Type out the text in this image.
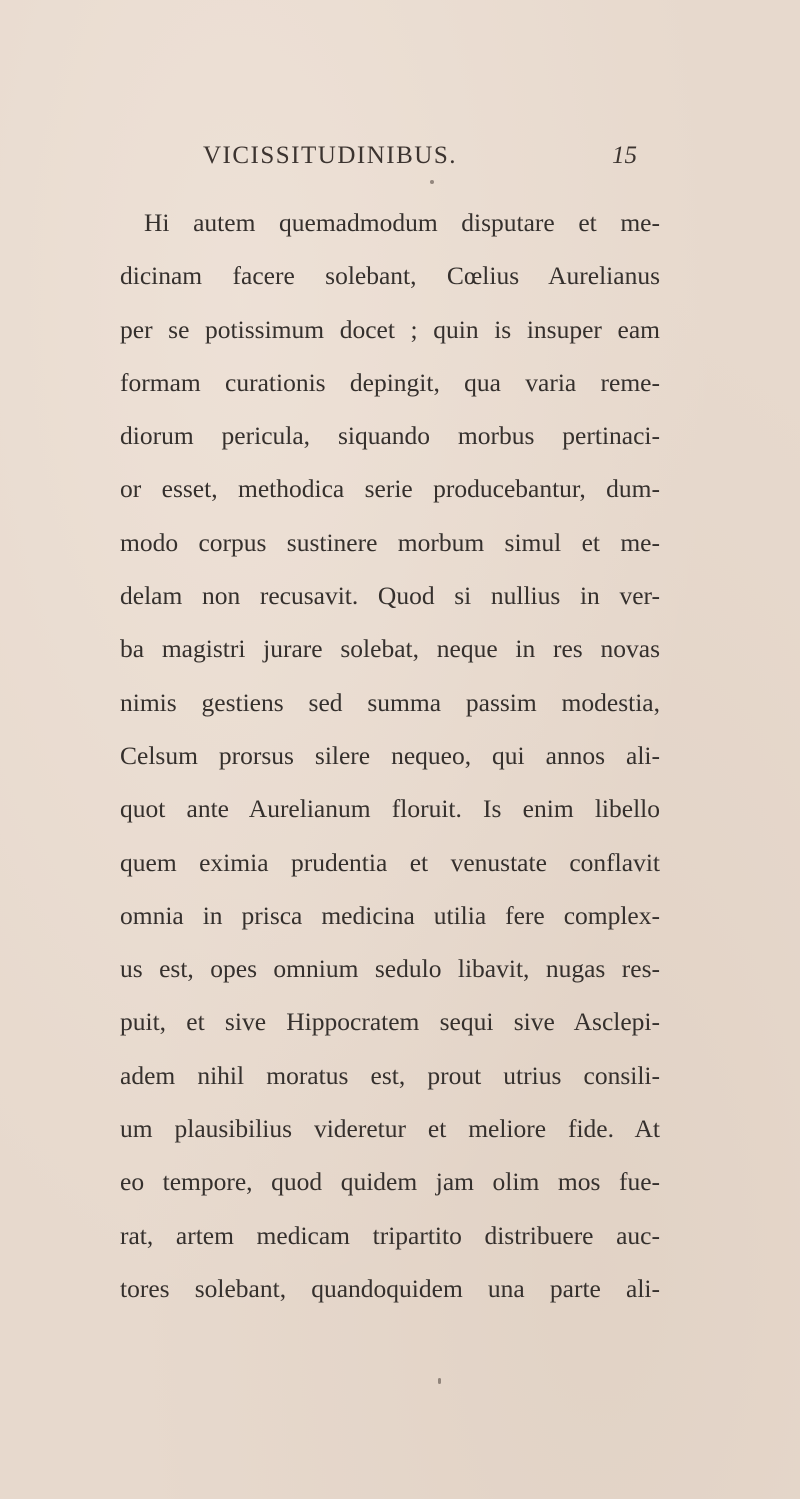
VICISSITUDINIBUS.	15
Hi autem quemadmodum disputare et me-
dicinam facere solebant, Cœlius Aurelianus
per se potissimum docet ; quin is insuper eam
formam curationis depingit, qua varia reme-
diorum pericula, siquando morbus pertinaci-
or esset, methodica serie producebantur, dum-
modo corpus sustinere morbum simul et me-
delam non recusavit. Quod si nullius in ver-
ba magistri jurare solebat, neque in res novas
nimis gestiens sed summa passim modestia,
Celsum prorsus silere nequeo, qui annos ali-
quot ante Aurelianum floruit. Is enim libello
quem eximia prudentia et venustate conflavit
omnia in prisca medicina utilia fere complex-
us est, opes omnium sedulo libavit, nugas res-
puit, et sive Hippocratem sequi sive Asclepi-
adem nihil moratus est, prout utrius consili-
um plausibilius videretur et meliore fide. At
eo tempore, quod quidem jam olim mos fue-
rat, artem medicam tripartito distribuere auc-
tores solebant, quandoquidem una parte ali-
